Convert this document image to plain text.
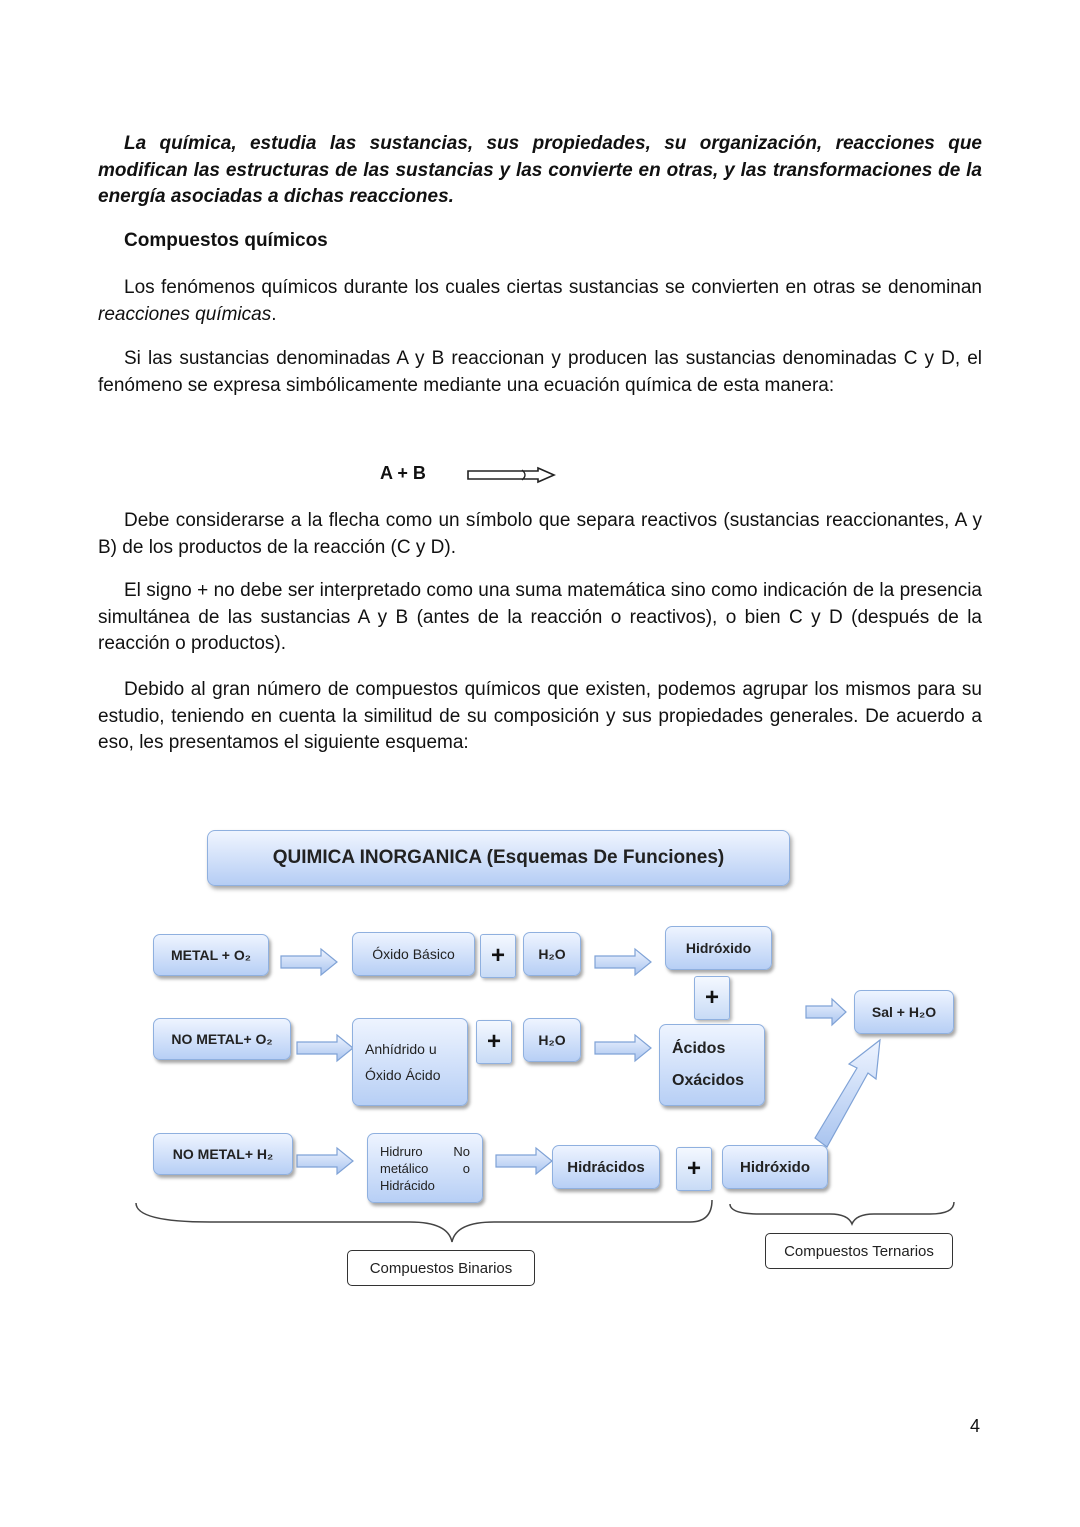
La química, estudia las sustancias, sus propiedades, su organización, reacciones que modifican las estructuras de las sustancias y las convierte en otras, y las transformaciones de la energía asociadas a dichas reacciones.

Compuestos químicos

Los fenómenos químicos durante los cuales ciertas sustancias se convierten en otras se denominan reacciones químicas.

Si las sustancias denominadas A y B reaccionan y producen las sustancias denominadas C y D, el fenómeno se expresa simbólicamente mediante una ecuación química de esta manera:

A + B

Debe considerarse a la flecha como un símbolo que separa reactivos (sustancias reaccionantes, A y B) de los productos de la reacción (C y D).

El signo + no debe ser interpretado como una suma matemática sino como indicación de la presencia simultánea de las sustancias A y B (antes de la reacción o reactivos), o bien C y D (después de la reacción o productos).

Debido al gran número de compuestos químicos que existen, podemos agrupar los mismos para su estudio, teniendo en cuenta la similitud de su composición y sus propiedades generales. De acuerdo a eso, les presentamos el siguiente esquema:

QUIMICA INORGANICA (Esquemas De Funciones)
METAL + O₂	Óxido Básico	+	H₂O	Hidróxido
+
Sal + H₂O
NO METAL+ O₂
Anhídrido u Óxido Ácido
+	H₂O	Ácidos Oxácidos
NO METAL+ H₂	Hidruro No metálico o Hidrácido
Hidrácidos	+	Hidróxido
Compuestos Binarios
Compuestos Ternarios
4
